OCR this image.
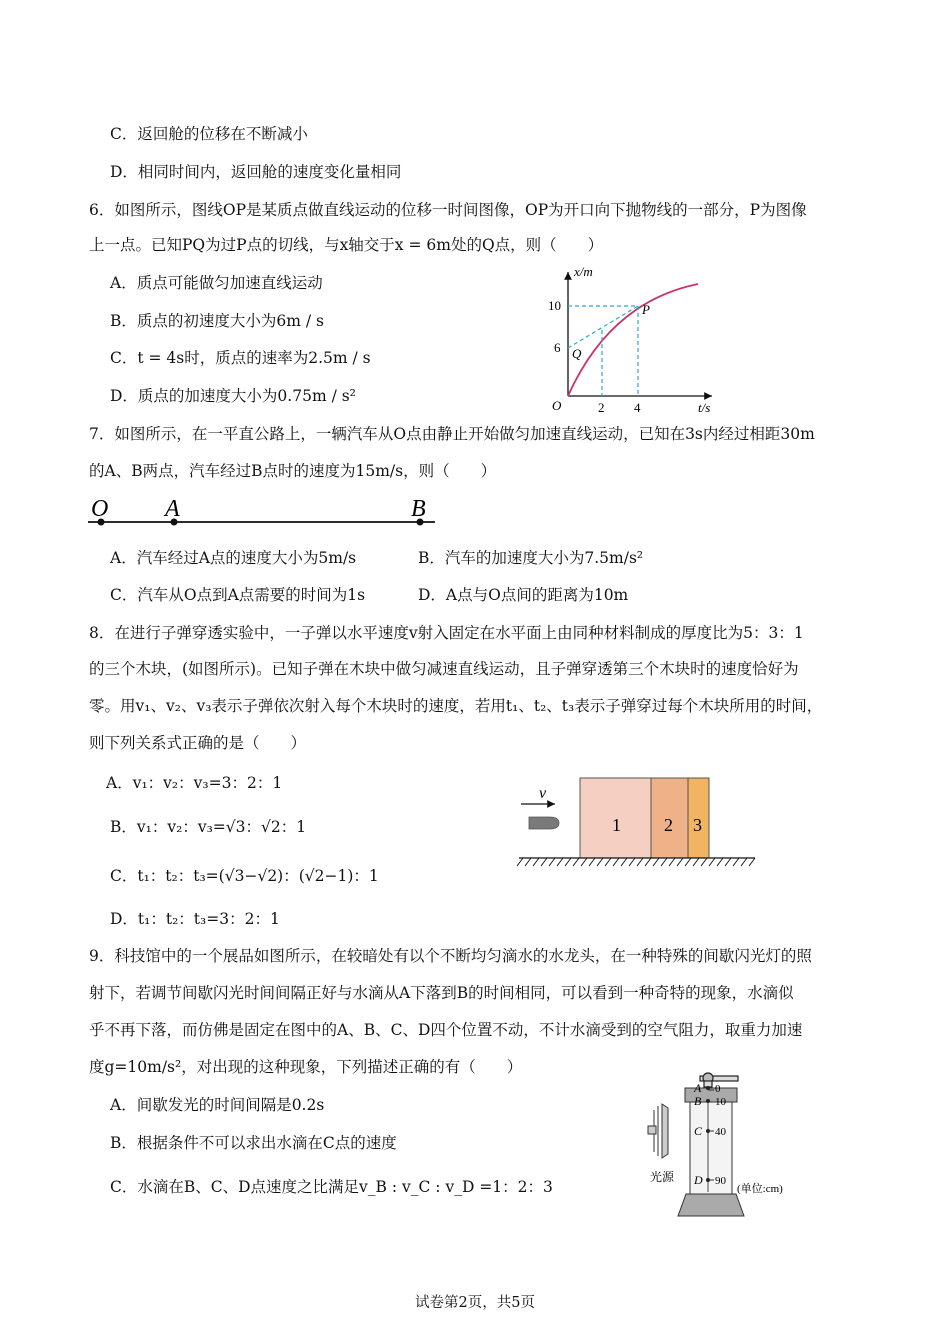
C．返回舱的位移在不断减小
D．相同时间内，返回舱的速度变化量相同
6．如图所示，图线OP是某质点做直线运动的位移一时间图像，OP为开口向下抛物线的一部分，P为图像
上一点。已知PQ为过P点的切线，与x轴交于x = 6m处的Q点，则（　　）
A．质点可能做匀加速直线运动
B．质点的初速度大小为6m / s
C．t = 4s时，质点的速率为2.5m / s
D．质点的加速度大小为0.75m / s²
x/m
t/s
O
10
6
2 4
P
Q
7．如图所示，在一平直公路上，一辆汽车从O点由静止开始做匀加速直线运动，已知在3s内经过相距30m
的A、B两点，汽车经过B点时的速度为15m/s，则（　　）
O A	B
A．汽车经过A点的速度大小为5m/s	B．汽车的加速度大小为7.5m/s²
C．汽车从O点到A点需要的时间为1s	D．A点与O点间的距离为10m
8．在进行子弹穿透实验中，一子弹以水平速度v射入固定在水平面上由同种材料制成的厚度比为5：3：1
的三个木块，(如图所示)。已知子弹在木块中做匀减速直线运动，且子弹穿透第三个木块时的速度恰好为
零。用v₁、v₂、v₃表示子弹依次射入每个木块时的速度，若用t₁、t₂、t₃表示子弹穿过每个木块所用的时间，
则下列关系式正确的是（　　）
A．v₁：v₂：v₃=3：2：1
B．v₁：v₂：v₃=√3：√2：1
C．t₁：t₂：t₃=(√3−√2)：(√2−1)：1
D．t₁：t₂：t₃=3：2：1
v
1 2 3
9．科技馆中的一个展品如图所示，在较暗处有以个不断均匀滴水的水龙头，在一种特殊的间歇闪光灯的照
射下，若调节间歇闪光时间间隔正好与水滴从A下落到B的时间相同，可以看到一种奇特的现象，水滴似
乎不再下落，而仿佛是固定在图中的A、B、C、D四个位置不动，不计水滴受到的空气阻力，取重力加速
度g=10m/s²，对出现的这种现象，下列描述正确的有（　　）
A．间歇发光的时间间隔是0.2s
B．根据条件不可以求出水滴在C点的速度
C．水滴在B、C、D点速度之比满足v_B : v_C : v_D =1：2：3
A
B
C
D
0
10
40
90
光源
(单位:cm)
试卷第2页，共5页
